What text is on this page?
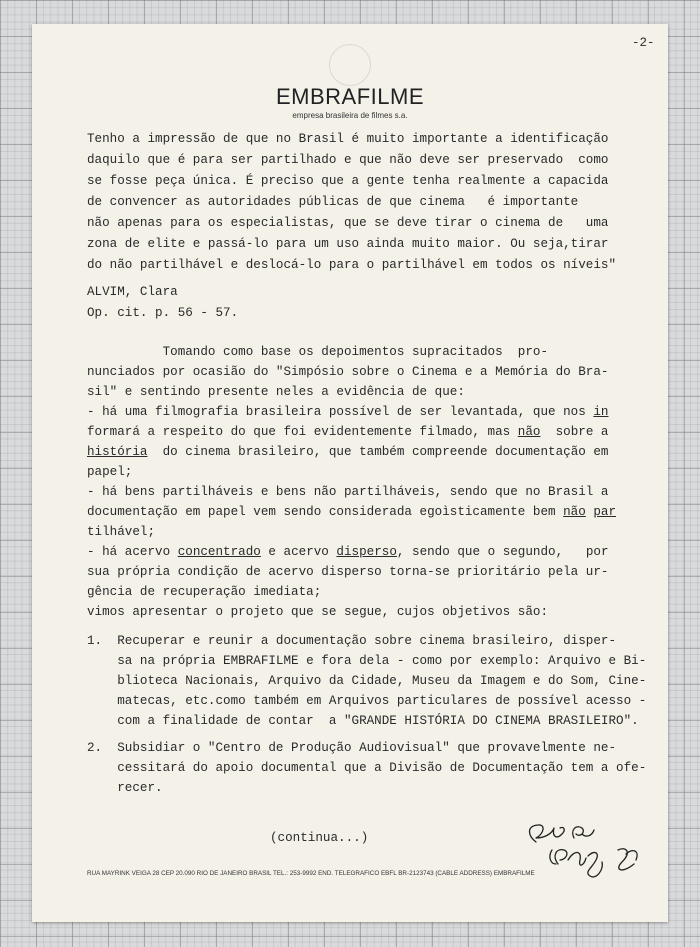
-2-
EMBRAFILME
empresa brasileira de filmes s.a.
Tenho a impressão de que no Brasil é muito importante a identificação
daquilo que é para ser partilhado e que não deve ser preservado  como
se fosse peça única. É preciso que a gente tenha realmente a capacida
de convencer as autoridades públicas de que cinema   é importante
não apenas para os especialistas, que se deve tirar o cinema de   uma
zona de elite e passá-lo para um uso ainda muito maior. Ou seja,tirar
do não partilhável e deslocá-lo para o partilhável em todos os níveis"
ALVIM, Clara
Op. cit. p. 56 - 57.
Tomando como base os depoimentos supracitados  pro-
nunciados por ocasião do "Simpósio sobre o Cinema e a Memória do Bra-
sil" e sentindo presente neles a evidência de que:
- há uma filmografia brasileira possível de ser levantada, que nos in
formará a respeito do que foi evidentemente filmado, mas não  sobre a
história  do cinema brasileiro, que também compreende documentação em
papel;
- há bens partilháveis e bens não partilháveis, sendo que no Brasil a
documentação em papel vem sendo considerada egoìsticamente bem não par
tilhável;
- há acervo concentrado e acervo disperso, sendo que o segundo,   por
sua própria condição de acervo disperso torna-se prioritário pela ur-
gência de recuperação imediata;
vimos apresentar o projeto que se segue, cujos objetivos são:
1.  Recuperar e reunir a documentação sobre cinema brasileiro, disper-
sa na própria EMBRAFILME e fora dela - como por exemplo: Arquivo e Bi-
blioteca Nacionais, Arquivo da Cidade, Museu da Imagem e do Som, Cine-
matecas, etc.como também em Arquivos particulares de possível acesso -
com a finalidade de contar  a "GRANDE HISTÓRIA DO CINEMA BRASILEIRO".
2.  Subsidiar o "Centro de Produção Audiovisual" que provavelmente ne-
cessitará do apoio documental que a Divisão de Documentação tem a ofe-
recer.
(continua...)
RUA MAYRINK VEIGA 28 CEP 20.090 RIO DE JANEIRO BRASIL TEL.: 253-9992 END. TELEGRÁFICO EBFL BR-2123743 (CABLE ADDRESS) EMBRAFILME
